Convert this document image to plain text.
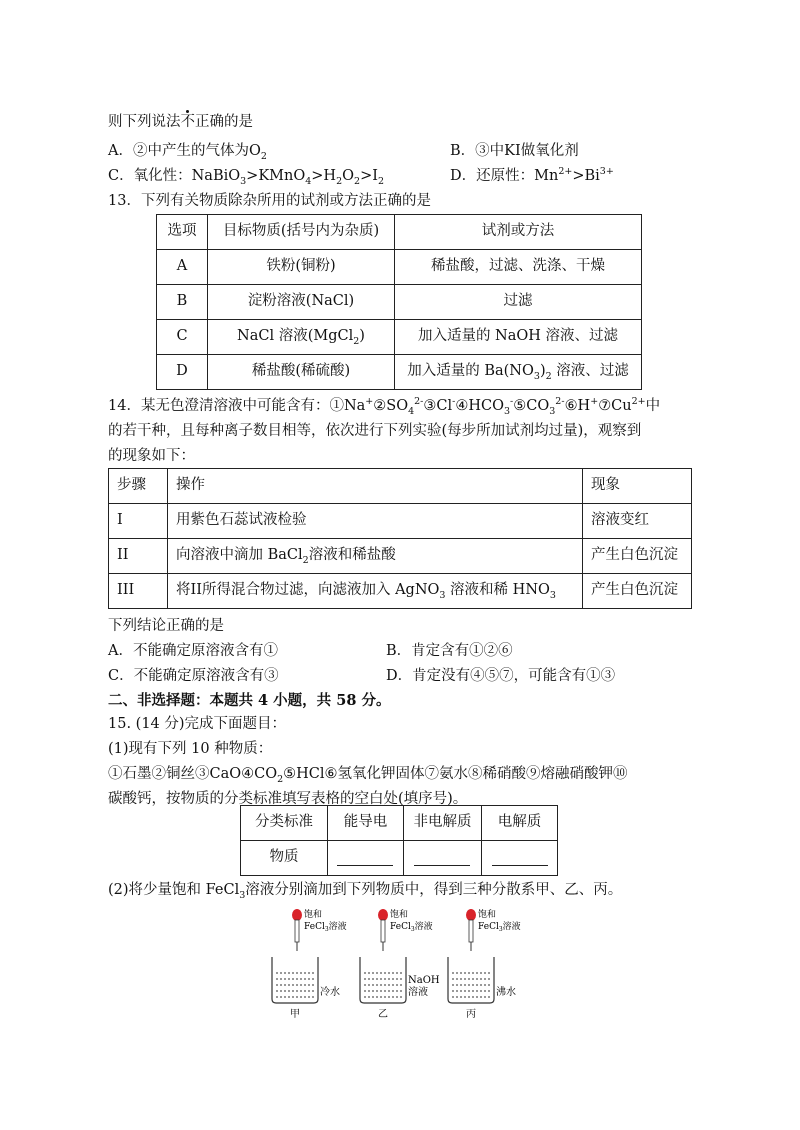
则下列说法不正确的是
A．②中产生的气体为$O_2$	B．③中KI做氧化剂
C．氧化性：$NaBiO_3>KMnO_4>H_2O_2>I_2$	D．还原性：$Mn^{2+}>Bi^{3+}$
13．下列有关物质除杂所用的试剂或方法正确的是
选项	目标物质(括号内为杂质)	试剂或方法
A	铁粉(铜粉)	稀盐酸，过滤、洗涤、干燥
B	淀粉溶液(NaCl)	过滤
C	NaCl 溶液(MgCl$_2$)	加入适量的 NaOH 溶液、过滤
D	稀盐酸(稀硫酸)	加入适量的 $Ba(NO_3)_2$ 溶液、过滤
14．某无色澄清溶液中可能含有：$①Na^+②SO_4^{2-}③Cl^-④HCO_3^-⑤CO_3^{2-}⑥H^+⑦Cu^{2+}$中
的若干种，且每种离子数目相等，依次进行下列实验(每步所加试剂均过量)，观察到
的现象如下：
步骤	操作	现象
I	用紫色石蕊试液检验	溶液变红
II	向溶液中滴加 BaCl$_2$溶液和稀盐酸	产生白色沉淀
III	将II所得混合物过滤，向滤液加入 AgNO$_3$ 溶液和稀 $HNO_3$	产生白色沉淀
下列结论正确的是
A．不能确定原溶液含有①	B．肯定含有①②⑥
C．不能确定原溶液含有③	D．肯定没有④⑤⑦，可能含有①③
二、非选择题：本题共 4 小题，共 58 分。
15. (14 分)完成下面题目：
(1)现有下列 10 种物质：
①石墨②铜丝$③CaO④CO_2⑤HCl⑥$氢氧化钾固体⑦氨水⑧稀硝酸⑨熔融硝酸钾⑩
碳酸钙，按物质的分类标准填写表格的空白处(填序号)。
分类标准	能导电	非电解质	电解质
物质			
(2)将少量饱和 FeCl$_3$溶液分别滴加到下列物质中，得到三种分散系甲、乙、丙。
饱和
FeCl$_3$溶液
饱和
FeCl$_3$溶液
饱和
FeCl$_3$溶液
冷水
甲
NaOH
溶液
乙
沸水
丙
